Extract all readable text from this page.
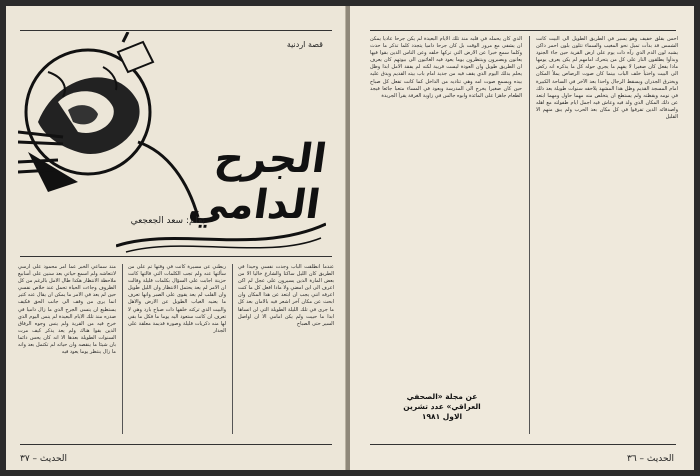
قصة اردنية
الجرح الدامي
بقلم: سعد الجعجعي
منذ سماعي الخبر عما أمر محمود على أرسي لانتعاشه ولم اسمع حياتي بعد سنين على أسابيع ملاحظة الانتظار هكذا طال الامل بالرغم من كل الظروف وجاءت الحياة تحمل عند خلاص نفسي حين لم يعد في الامر ما يمكن ان يقال عنه كثير انما يرى من وقف الى جانب الحق فكيف يستطيع ان ينسى الجرح الذي ما زال داميا في صدره منذ تلك الايام البعيدة لم ينس اليوم الذي خرج فيه من القرية ولم ينس وجوه الرفاق الذين بقوا هناك ولم يعد يذكر كيف مرت السنوات الطويلة بعدها الا انه كان يحس دائما بان شيئا ما ينقصه وان حياته لم تكتمل بعد وانه ما زال ينتظر يوما يعود فيه
ربطني عن مسيرة كانت في وقتها تم على من سألتها عنه ولم تجب الكلمات التي قالتها كانت حزينة اجابت على السؤال بكلمات قليلة وقالت ان الامر لم يعد يحتمل الانتظار وان الليل طويل وان القلب لم يعد يقوى على الصبر وانها تعرف ما يعنيه الغياب الطويل عن الارض والاهل والبيت الذي تركته خلفها ذات صباح بارد وهي لا تعرف ان كانت ستعود اليه يوما ما فكل ما بقي لها منه ذكريات قليلة وصورة قديمة معلقة على الجدار
عندما انطلقت الباب وجدت نفسي وحيدا في الطريق كان الليل ساكنا والشارع خاليا الا من بعض المارة الذين يسيرون على عجل لم اكن اعرف الى اين امضي ولا ماذا افعل كل ما كنت اعرفه انني يجب ان ابتعد عن هذا المكان وان ابحث عن مكان آخر اشعر فيه بالامان بعد كل ما جرى في تلك الليلة الطويلة التي لن انساها ابدا ما حييت ولم يكن امامي الا ان اواصل السير حتى الصباح
الحديث – ٣٧
احس بقلق خفيف وهو يسير في الطريق الطويل الى البيت كانت الشمس قد بدأت تميل نحو المغيب والسماء تتلون بلون احمر داكن يشبه لون الدم الذي رآه ذات يوم على ارض القرية حين جاء الجنود وبدأوا يطلقون النار على كل من يتحرك امامهم لم يكن يعرف يومها ماذا يفعل كان صغيرا لا يفهم ما يجري حوله كل ما يذكره انه ركض الى البيت واختبأ خلف الباب بينما كان صوت الرصاص يملأ المكان ويخترق الجدران ويسقط الرجال واحدا بعد الآخر في الساحة الكبيرة امام المسجد القديم وظل هذا المشهد يلاحقه سنوات طويلة بعد ذلك في نومه ويقظته ولم يستطع ان يتخلص منه مهما حاول ومهما ابتعد عن ذلك المكان الذي ولد فيه وعاش فيه اجمل ايام طفولته مع اهله واصدقائه الذين تفرقوا في كل مكان بعد الحرب ولم يبق منهم الا القليل
الذي كان يحمله في قلبه منذ تلك الايام البعيدة لم يكن جرحا عاديا يمكن ان يشفى مع مرور الوقت بل كان جرحا داميا يتجدد كلما تذكر ما حدث وكلما سمع خبرا عن الارض التي تركها خلفه وعن الناس الذين بقوا فيها يعانون ويصبرون وينتظرون يوما يعود فيه الغائبون الى بيوتهم كان يعرف ان الطريق طويل وان العودة ليست قريبة لكنه لم يفقد الامل ابدا وظل يحلم بذلك اليوم الذي يقف فيه من جديد امام باب بيته القديم ويدق عليه بيده ويسمع صوت امه وهي تناديه من الداخل كما كانت تفعل كل صباح حين كان صغيرا يخرج الى المدرسة ويعود في المساء متعبا جائعا فيجد الطعام جاهزا على المائدة وابوه جالس في زاوية الغرفة يقرأ الجريدة
عن مجلة «الصحفي العراقي» عدد تشرين الاول ١٩٨١
الحديث – ٣٦
